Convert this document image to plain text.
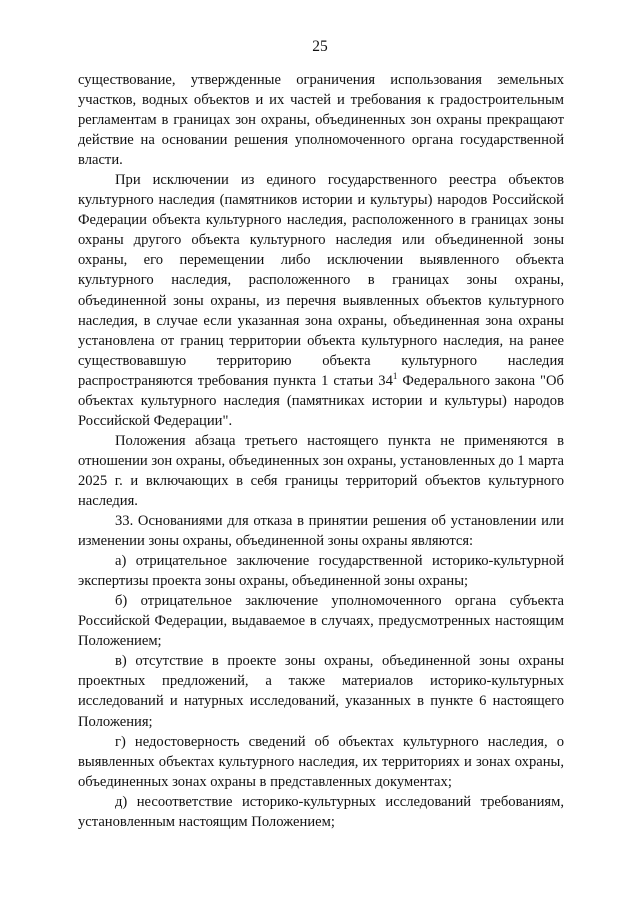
25

существование, утвержденные ограничения использования земельных участков, водных объектов и их частей и требования к градостроительным регламентам в границах зон охраны, объединенных зон охраны прекращают действие на основании решения уполномоченного органа государственной власти.

При исключении из единого государственного реестра объектов культурного наследия (памятников истории и культуры) народов Российской Федерации объекта культурного наследия, расположенного в границах зоны охраны другого объекта культурного наследия или объединенной зоны охраны, его перемещении либо исключении выявленного объекта культурного наследия, расположенного в границах зоны охраны, объединенной зоны охраны, из перечня выявленных объектов культурного наследия, в случае если указанная зона охраны, объединенная зона охраны установлена от границ территории объекта культурного наследия, на ранее существовавшую территорию объекта культурного наследия распространяются требования пункта 1 статьи $34^1$ Федерального закона "Об объектах культурного наследия (памятниках истории и культуры) народов Российской Федерации".

Положения абзаца третьего настоящего пункта не применяются в отношении зон охраны, объединенных зон охраны, установленных до 1 марта 2025 г. и включающих в себя границы территорий объектов культурного наследия.

33. Основаниями для отказа в принятии решения об установлении или изменении зоны охраны, объединенной зоны охраны являются:

а) отрицательное заключение государственной историко-культурной экспертизы проекта зоны охраны, объединенной зоны охраны;

б) отрицательное заключение уполномоченного органа субъекта Российской Федерации, выдаваемое в случаях, предусмотренных настоящим Положением;

в) отсутствие в проекте зоны охраны, объединенной зоны охраны проектных предложений, а также материалов историко-культурных исследований и натурных исследований, указанных в пункте 6 настоящего Положения;

г) недостоверность сведений об объектах культурного наследия, о выявленных объектах культурного наследия, их территориях и зонах охраны, объединенных зонах охраны в представленных документах;

д) несоответствие историко-культурных исследований требованиям, установленным настоящим Положением;
